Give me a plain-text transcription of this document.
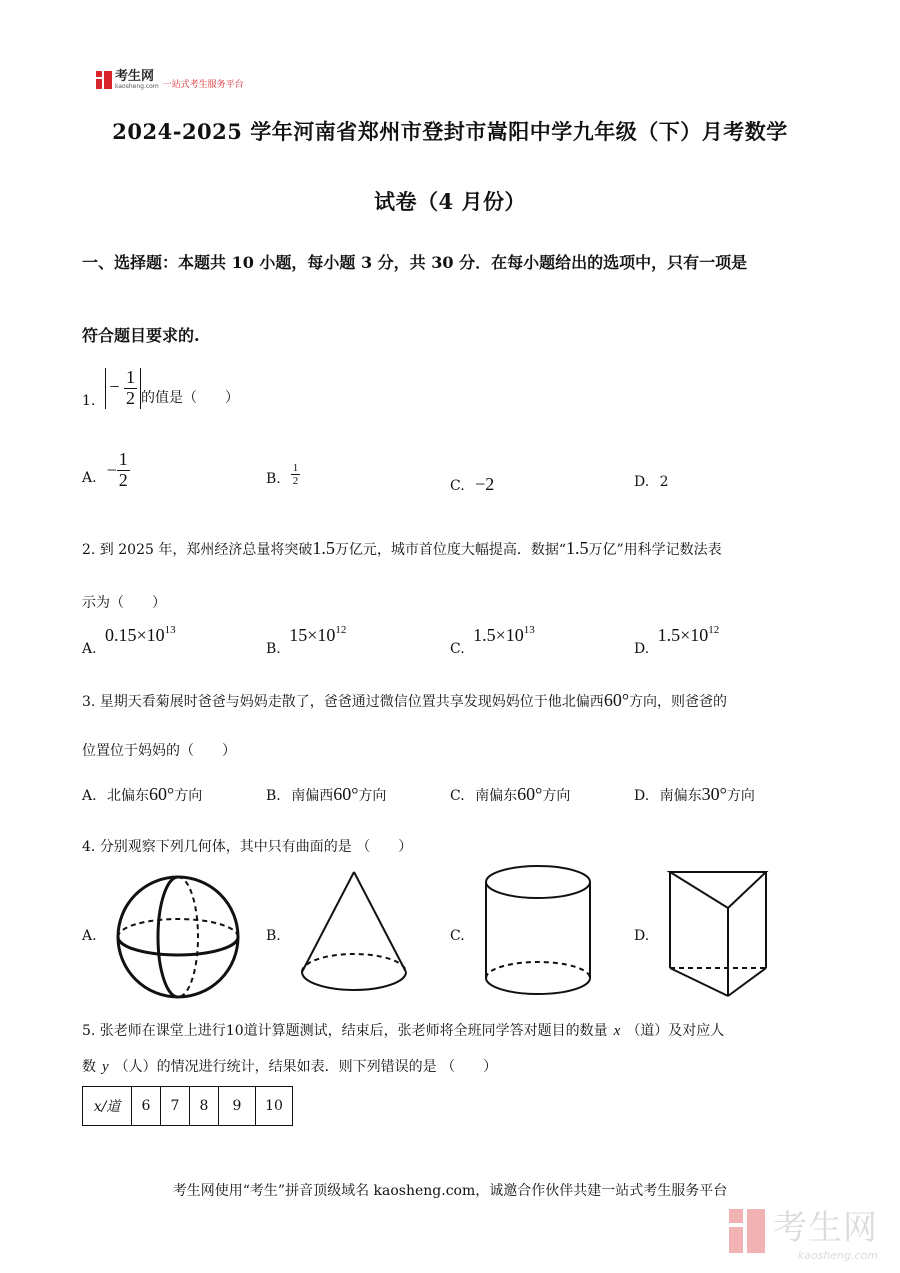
考生网
kaosheng.com 一站式考生服务平台
2024-2025 学年河南省郑州市登封市嵩阳中学九年级（下）月考数学
试卷（4 月份）
一、选择题：本题共 10 小题，每小题 3 分，共 30 分．在每小题给出的选项中，只有一项是
符合题目要求的.
1.
− $\frac{1}{2}$ 的值是（　　）
A. − $\frac{1}{2}$	B. $\frac{1}{2}$	C. −2	D. 2
2. 到 2025 年，郑州经济总量将突破1.5万亿元，城市首位度大幅提高．数据“1.5万亿”用科学记数法表
示为（　　）
A. $0.15\times 10^{13}$
B. $15\times 10^{12}$
C. $1.5\times 10^{13}$
D. $1.5\times 10^{12}$
3. 星期天看菊展时爸爸与妈妈走散了，爸爸通过微信位置共享发现妈妈位于他北偏西60°方向，则爸爸的
位置位于妈妈的（　　）
A. 北偏东60°方向	B. 南偏西60°方向	C. 南偏东60°方向	D. 南偏东30°方向
4. 分别观察下列几何体，其中只有曲面的是 （　　）
A.	B.	C.	D.
5. 张老师在课堂上进行10道计算题测试，结束后，张老师将全班同学答对题目的数量 x （道）及对应人
数 y （人）的情况进行统计，结果如表．则下列错误的是 （　　）
x/道	6	7	8	9	10
考生网使用“考生”拼音顶级域名 kaosheng.com，诚邀合作伙伴共建一站式考生服务平台
考生网
kaosheng.com
